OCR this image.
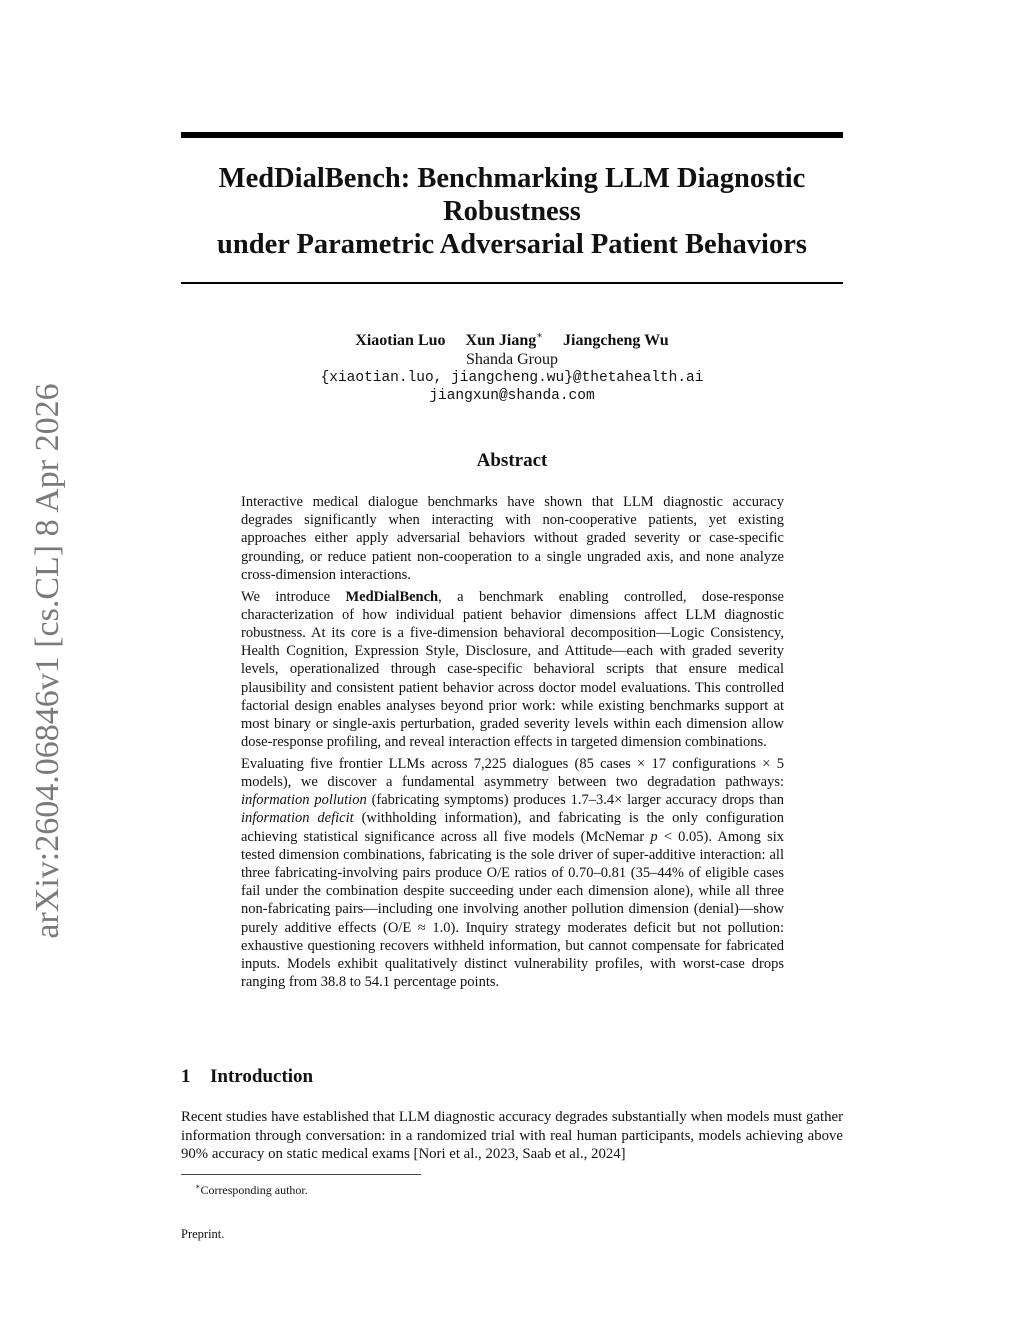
arXiv:2604.06846v1 [cs.CL] 8 Apr 2026
MedDialBench: Benchmarking LLM Diagnostic
Robustness
under Parametric Adversarial Patient Behaviors
Xiaotian Luo Xun Jiang∗ Jiangcheng Wu
Shanda Group
{xiaotian.luo, jiangcheng.wu}@thetahealth.ai
jiangxun@shanda.com
Abstract

Interactive medical dialogue benchmarks have shown that LLM diagnostic accuracy degrades significantly when interacting with non-cooperative patients, yet existing approaches either apply adversarial behaviors without graded severity or case-specific grounding, or reduce patient non-cooperation to a single ungraded axis, and none analyze cross-dimension interactions.

We introduce MedDialBench, a benchmark enabling controlled, dose-response characterization of how individual patient behavior dimensions affect LLM diagnostic robustness. At its core is a five-dimension behavioral decomposition—Logic Consistency, Health Cognition, Expression Style, Disclosure, and Attitude—each with graded severity levels, operationalized through case-specific behavioral scripts that ensure medical plausibility and consistent patient behavior across doctor model evaluations. This controlled factorial design enables analyses beyond prior work: while existing benchmarks support at most binary or single-axis perturbation, graded severity levels within each dimension allow dose-response profiling, and reveal interaction effects in targeted dimension combinations.

Evaluating five frontier LLMs across 7,225 dialogues (85 cases × 17 configurations × 5 models), we discover a fundamental asymmetry between two degradation pathways: information pollution (fabricating symptoms) produces 1.7–3.4× larger accuracy drops than information deficit (withholding information), and fabricating is the only configuration achieving statistical significance across all five models (McNemar p < 0.05). Among six tested dimension combinations, fabricating is the sole driver of super-additive interaction: all three fabricating-involving pairs produce O/E ratios of 0.70–0.81 (35–44% of eligible cases fail under the combination despite succeeding under each dimension alone), while all three non-fabricating pairs—including one involving another pollution dimension (denial)—show purely additive effects (O/E ≈ 1.0). Inquiry strategy moderates deficit but not pollution: exhaustive questioning recovers withheld information, but cannot compensate for fabricated inputs. Models exhibit qualitatively distinct vulnerability profiles, with worst-case drops ranging from 38.8 to 54.1 percentage points.

1 Introduction
Recent studies have established that LLM diagnostic accuracy degrades substantially when models must gather information through conversation: in a randomized trial with real human participants, models achieving above 90% accuracy on static medical exams [Nori et al., 2023, Saab et al., 2024]
∗Corresponding author.
Preprint.
